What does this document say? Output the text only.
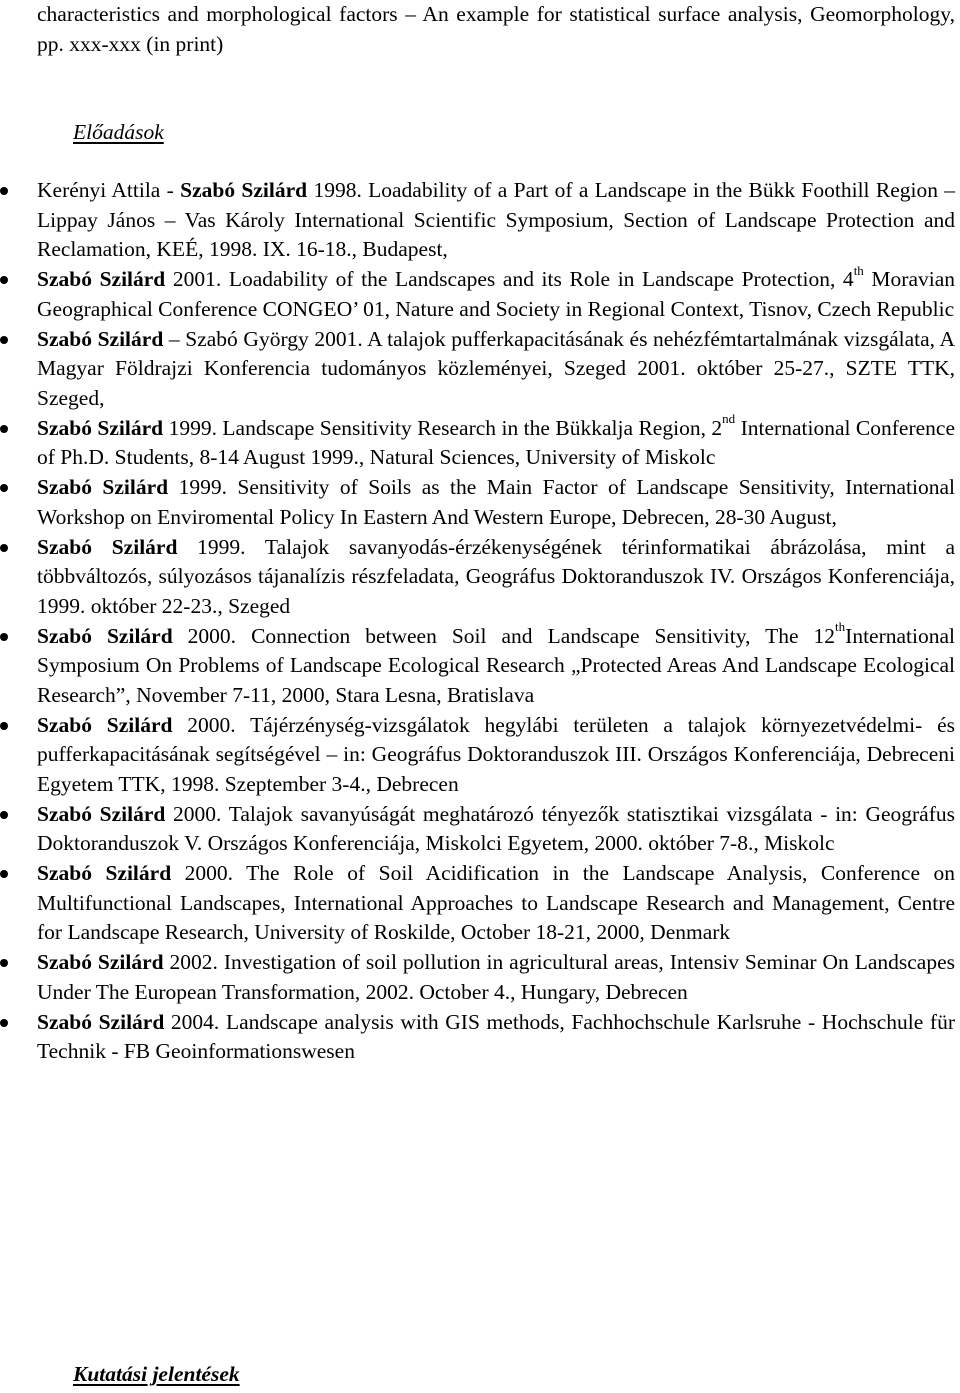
characteristics and morphological factors – An example for statistical surface analysis, Geomorphology, pp. xxx-xxx (in print)
Előadások
Kerényi Attila - Szabó Szilárd 1998. Loadability of a Part of a Landscape in the Bükk Foothill Region – Lippay János – Vas Károly International Scientific Symposium, Section of Landscape Protection and Reclamation, KEÉ, 1998. IX. 16-18., Budapest,
Szabó Szilárd 2001. Loadability of the Landscapes and its Role in Landscape Protection, 4th Moravian Geographical Conference CONGEO’ 01, Nature and Society in Regional Context, Tisnov, Czech Republic
Szabó Szilárd – Szabó György 2001. A talajok pufferkapacitásának és nehézfémtartalmának vizsgálata, A Magyar Földrajzi Konferencia tudományos közleményei, Szeged 2001. október 25-27., SZTE TTK, Szeged,
Szabó Szilárd 1999. Landscape Sensitivity Research in the Bükkalja Region, 2nd International Conference of Ph.D. Students, 8-14 August 1999., Natural Sciences, University of Miskolc
Szabó Szilárd 1999. Sensitivity of Soils as the Main Factor of Landscape Sensitivity, International Workshop on Enviromental Policy In Eastern And Western Europe, Debrecen, 28-30 August,
Szabó Szilárd 1999. Talajok savanyodás-érzékenységének térinformatikai ábrázolása, mint a többváltozós, súlyozásos tájanalízis részfeladata, Geográfus Doktoranduszok IV. Országos Konferenciája, 1999. október 22-23., Szeged
Szabó Szilárd 2000. Connection between Soil and Landscape Sensitivity, The 12thInternational Symposium On Problems of Landscape Ecological Research „Protected Areas And Landscape Ecological Research”, November 7-11, 2000, Stara Lesna, Bratislava
Szabó Szilárd 2000. Tájérzénység-vizsgálatok hegylábi területen a talajok környezetvédelmi- és pufferkapacitásának segítségével – in: Geográfus Doktoranduszok III. Országos Konferenciája, Debreceni Egyetem TTK, 1998. Szeptember 3-4., Debrecen
Szabó Szilárd 2000. Talajok savanyúságát meghatározó tényezők statisztikai vizsgálata - in: Geográfus Doktoranduszok V. Országos Konferenciája, Miskolci Egyetem, 2000. október 7-8., Miskolc
Szabó Szilárd 2000. The Role of Soil Acidification in the Landscape Analysis, Conference on Multifunctional Landscapes, International Approaches to Landscape Research and Management, Centre for Landscape Research, University of Roskilde, October 18-21, 2000, Denmark
Szabó Szilárd 2002. Investigation of soil pollution in agricultural areas, Intensiv Seminar On Landscapes Under The European Transformation, 2002. October 4., Hungary, Debrecen
Szabó Szilárd 2004. Landscape analysis with GIS methods, Fachhochschule Karlsruhe - Hochschule für Technik - FB Geoinformationswesen
Kutatási jelentések
